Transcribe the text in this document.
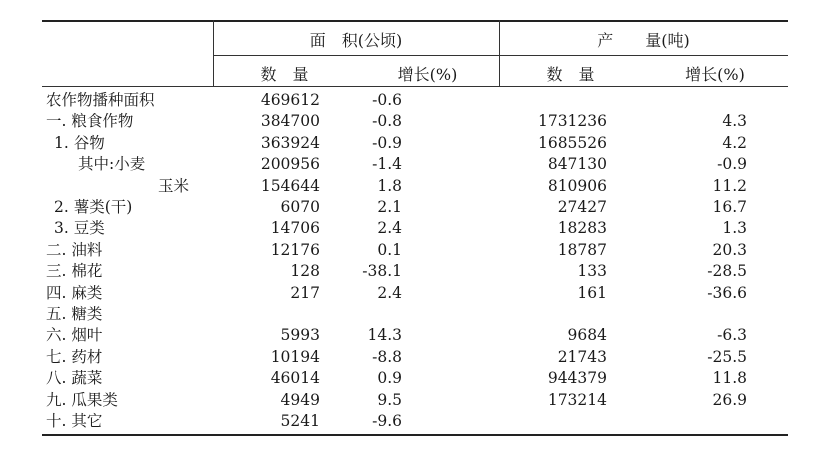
面　积(公顷)	产　　量(吨)
数　量	增长(%)	数　量	增长(%)
农作物播种面积	469612	-0.6
一. 粮食作物	384700	-0.8	1731236	4.3
1. 谷物	363924	-0.9	1685526	4.2
其中:小麦	200956	-1.4	847130	-0.9
玉米	154644	1.8	810906	11.2
2. 薯类(干)	6070	2.1	27427	16.7
3. 豆类	14706	2.4	18283	1.3
二. 油料	12176	0.1	18787	20.3
三. 棉花	128	-38.1	133	-28.5
四. 麻类	217	2.4	161	-36.6
五. 糖类
六. 烟叶	5993	14.3	9684	-6.3
七. 药材	10194	-8.8	21743	-25.5
八. 蔬菜	46014	0.9	944379	11.8
九. 瓜果类	4949	9.5	173214	26.9
十. 其它	5241	-9.6
